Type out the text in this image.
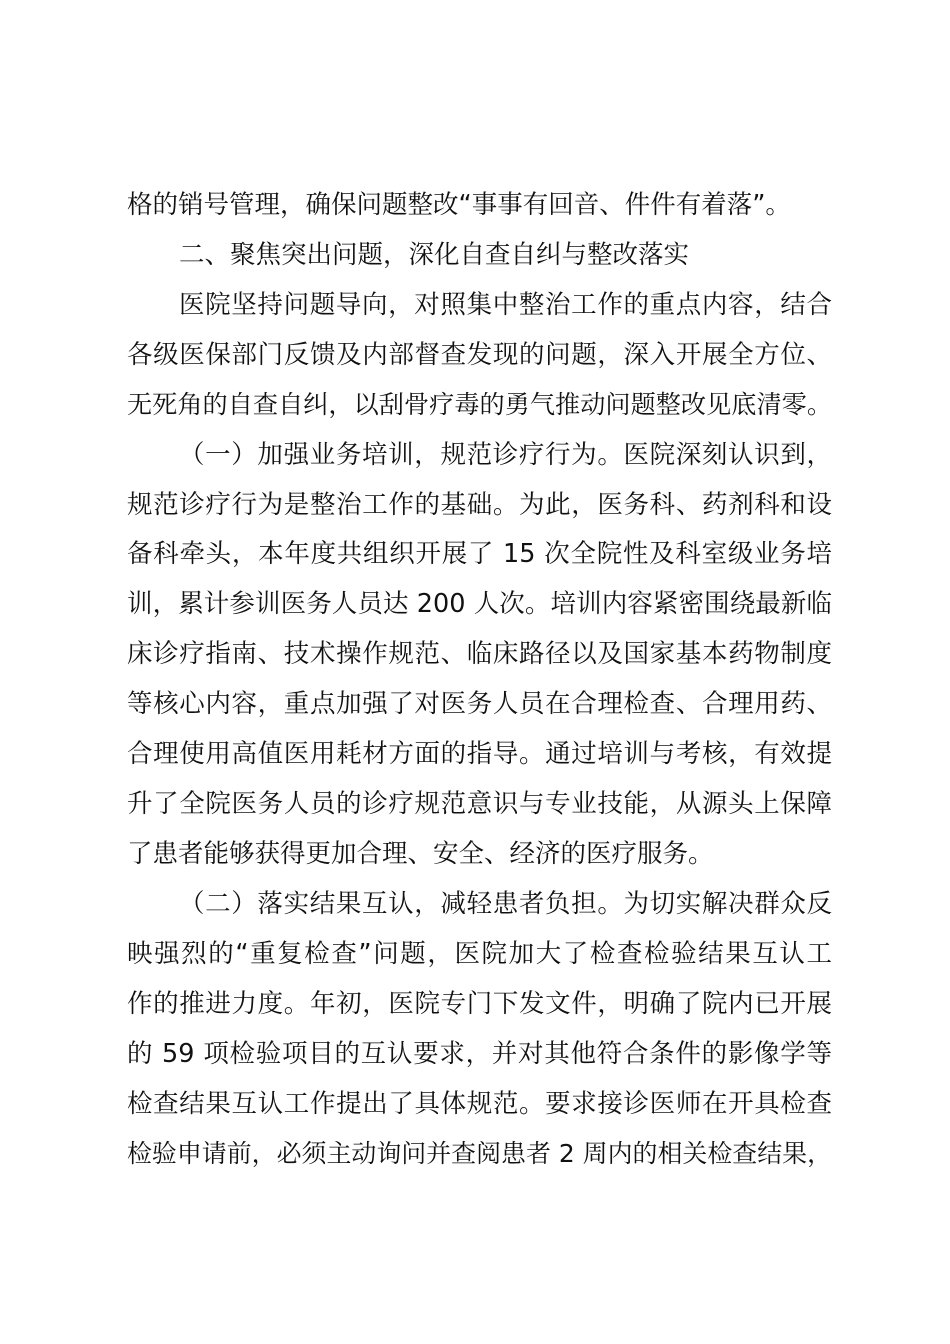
格的销号管理，确保问题整改“事事有回音、件件有着落”。
二、聚焦突出问题，深化自查自纠与整改落实
医院坚持问题导向，对照集中整治工作的重点内容，结合
各级医保部门反馈及内部督查发现的问题，深入开展全方位、
无死角的自查自纠，以刮骨疗毒的勇气推动问题整改见底清零。
（一）加强业务培训，规范诊疗行为。医院深刻认识到，
规范诊疗行为是整治工作的基础。为此，医务科、药剂科和设
备科牵头，本年度共组织开展了 15 次全院性及科室级业务培
训，累计参训医务人员达 200 人次。培训内容紧密围绕最新临
床诊疗指南、技术操作规范、临床路径以及国家基本药物制度
等核心内容，重点加强了对医务人员在合理检查、合理用药、
合理使用高值医用耗材方面的指导。通过培训与考核，有效提
升了全院医务人员的诊疗规范意识与专业技能，从源头上保障
了患者能够获得更加合理、安全、经济的医疗服务。
（二）落实结果互认，减轻患者负担。为切实解决群众反
映强烈的“重复检查”问题，医院加大了检查检验结果互认工
作的推进力度。年初，医院专门下发文件，明确了院内已开展
的 59 项检验项目的互认要求，并对其他符合条件的影像学等
检查结果互认工作提出了具体规范。要求接诊医师在开具检查
检验申请前，必须主动询问并查阅患者 2 周内的相关检查结果，
